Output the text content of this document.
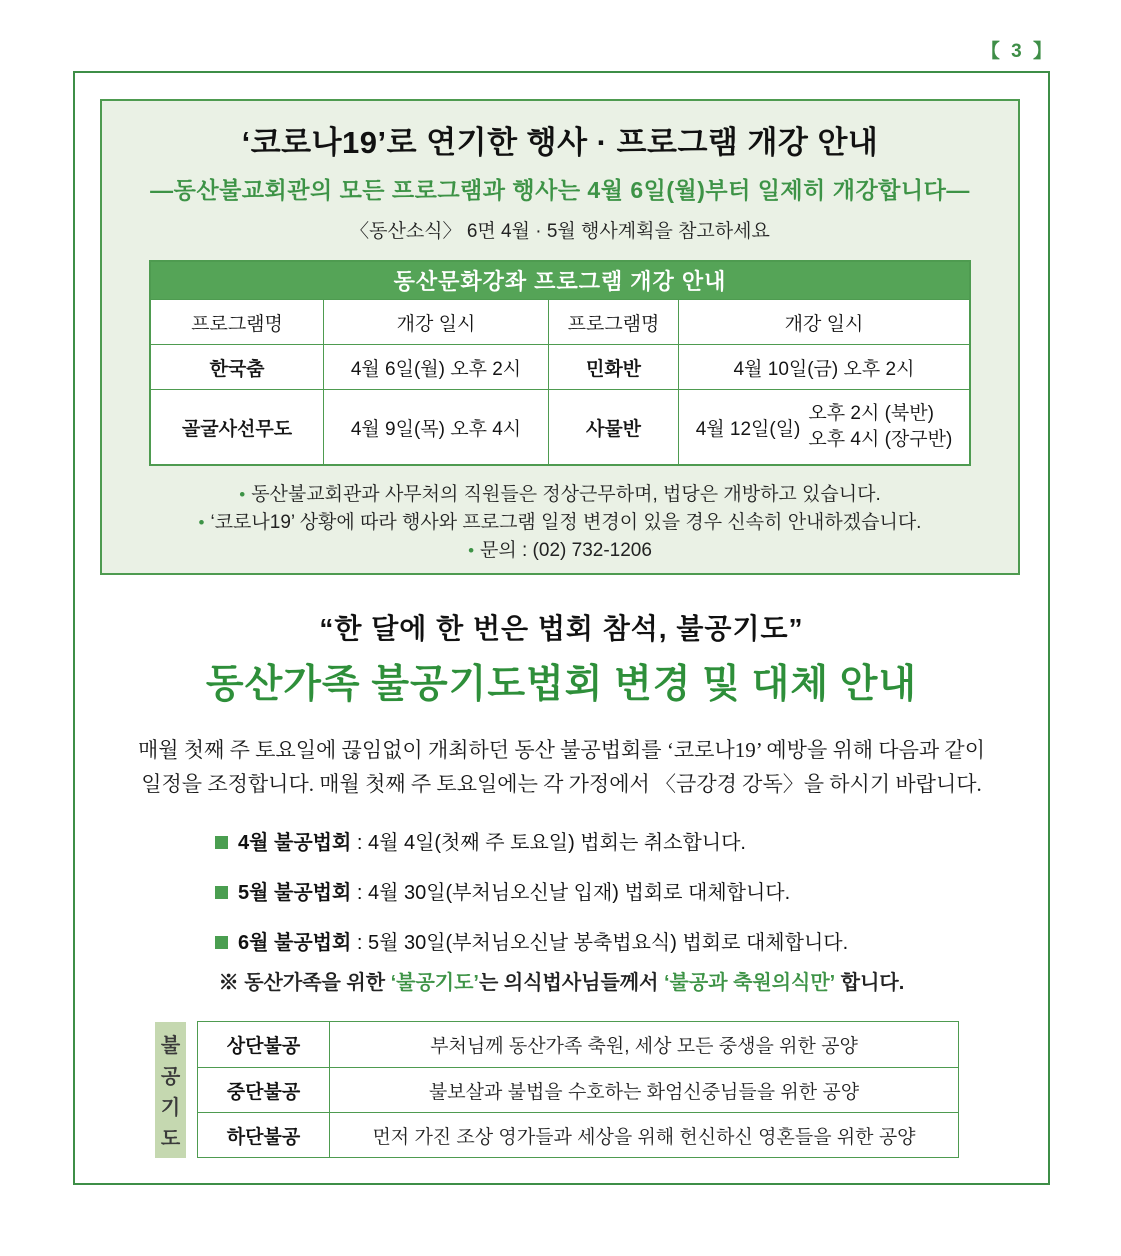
【 3 】
‘코로나19’로 연기한 행사 · 프로그램 개강 안내
―동산불교회관의 모든 프로그램과 행사는 4월 6일(월)부터 일제히 개강합니다―
〈동산소식〉 6면 4월 · 5월 행사계획을 참고하세요
동산문화강좌 프로그램 개강 안내
프로그램명	개강 일시	프로그램명	개강 일시
한국춤	4월 6일(월) 오후 2시	민화반	4월 10일(금) 오후 2시
골굴사선무도	4월 9일(목) 오후 4시	사물반	4월 12일(일)
오후 2시 (북반)
오후 4시 (장구반)
• 동산불교회관과 사무처의 직원들은 정상근무하며, 법당은 개방하고 있습니다.
• ‘코로나19’ 상황에 따라 행사와 프로그램 일정 변경이 있을 경우 신속히 안내하겠습니다.
• 문의 : (02) 732-1206
“한 달에 한 번은 법회 참석, 불공기도”
동산가족 불공기도법회 변경 및 대체 안내
매월 첫째 주 토요일에 끊임없이 개최하던 동산 불공법회를 ‘코로나19’ 예방을 위해 다음과 같이
일정을 조정합니다. 매월 첫째 주 토요일에는 각 가정에서 〈금강경 강독〉을 하시기 바랍니다.
4월 불공법회 : 4월 4일(첫째 주 토요일) 법회는 취소합니다.
5월 불공법회 : 4월 30일(부처님오신날 입재) 법회로 대체합니다.
6월 불공법회 : 5월 30일(부처님오신날 봉축법요식) 법회로 대체합니다.
※ 동산가족을 위한 ‘불공기도’는 의식법사님들께서 ‘불공과 축원의식만’ 합니다.
불
공
기
도
상단불공	부처님께 동산가족 축원, 세상 모든 중생을 위한 공양
중단불공	불보살과 불법을 수호하는 화엄신중님들을 위한 공양
하단불공	먼저 가진 조상 영가들과 세상을 위해 헌신하신 영혼들을 위한 공양
